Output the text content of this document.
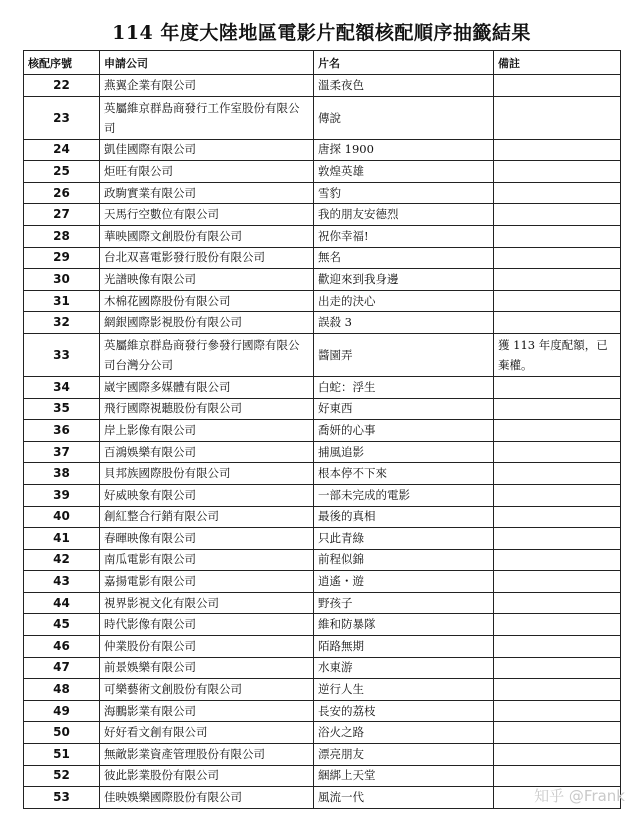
114 年度大陸地區電影片配額核配順序抽籤結果
核配序號	申請公司	片名	備註
22	燕翼企業有限公司	溫柔夜色	
23	英屬維京群島商發行工作室股份有限公司	傳說	
24	凱佳國際有限公司	唐探 1900	
25	炬旺有限公司	敦煌英雄	
26	政駒實業有限公司	雪豹	
27	天馬行空數位有限公司	我的朋友安德烈	
28	華映國際文創股份有限公司	祝你幸福!	
29	台北双喜電影發行股份有限公司	無名	
30	光譜映像有限公司	歡迎來到我身邊	
31	木棉花國際股份有限公司	出走的決心	
32	網銀國際影視股份有限公司	誤殺 3	
33	英屬維京群島商發行參發行國際有限公司台灣分公司	醬園弄	獲 113 年度配額，已棄權。
34	崴宇國際多媒體有限公司	白蛇：浮生	
35	飛行國際視聽股份有限公司	好東西	
36	岸上影像有限公司	喬妍的心事	
37	百鴻娛樂有限公司	捕風追影	
38	貝邦族國際股份有限公司	根本停不下來	
39	好威映象有限公司	一部未完成的電影	
40	創紅整合行銷有限公司	最後的真相	
41	春暉映像有限公司	只此青綠	
42	南瓜電影有限公司	前程似錦	
43	嘉揚電影有限公司	逍遙・遊	
44	視界影視文化有限公司	野孩子	
45	時代影像有限公司	維和防暴隊	
46	仲業股份有限公司	陌路無期	
47	前景娛樂有限公司	水東游	
48	可樂藝術文創股份有限公司	逆行人生	
49	海鵬影業有限公司	長安的荔枝	
50	好好看文創有限公司	浴火之路	
51	無敵影業資產管理股份有限公司	漂亮朋友	
52	彼此影業股份有限公司	綑綁上天堂	
53	佳映娛樂國際股份有限公司	風流一代		知乎 @Frank
